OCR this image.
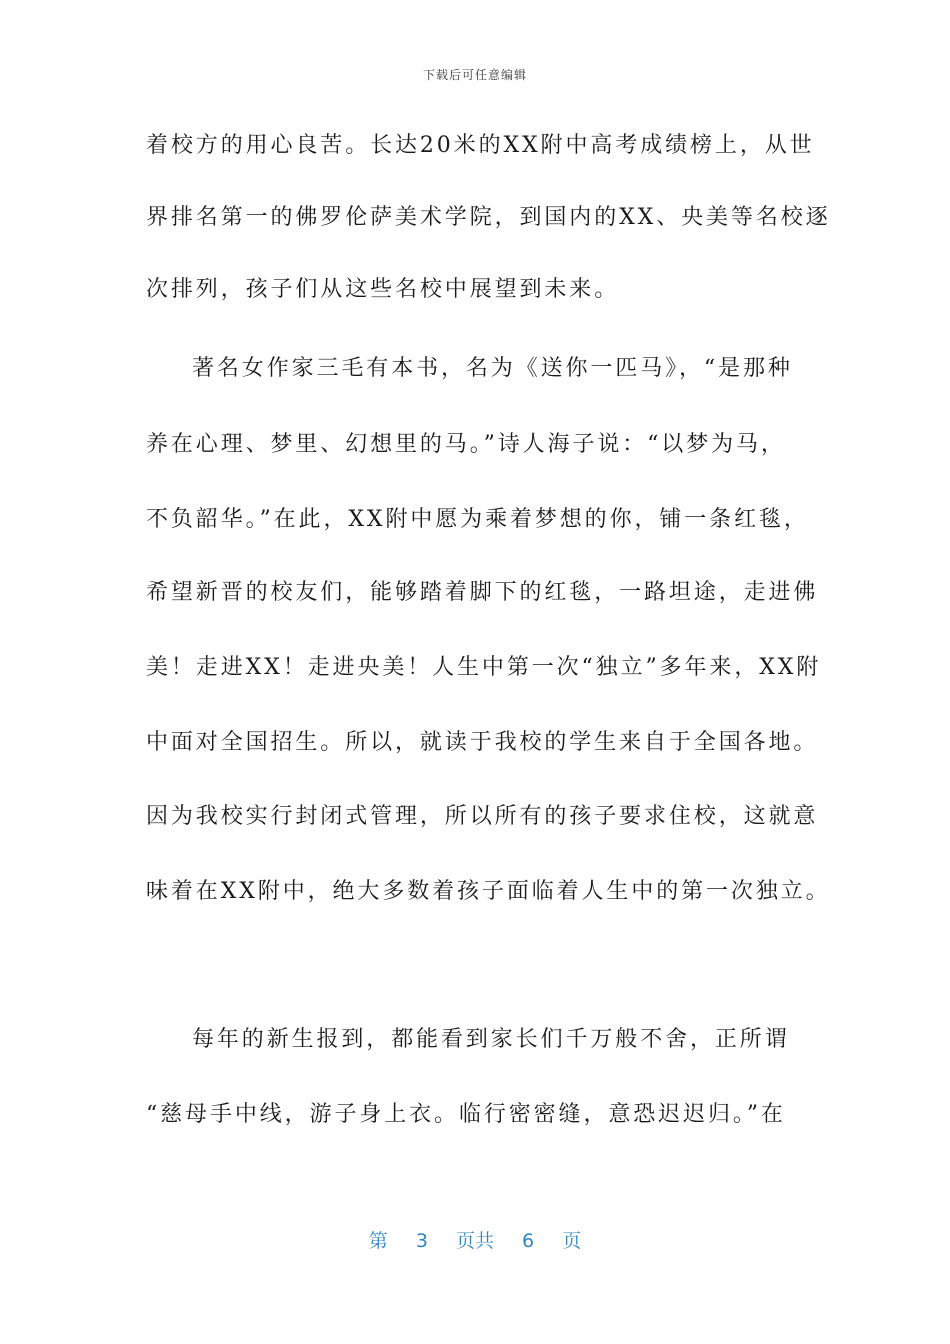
下载后可任意编辑
着校方的用心良苦。长达20米的XX附中高考成绩榜上，从世
界排名第一的佛罗伦萨美术学院，到国内的XX、央美等名校逐
次排列，孩子们从这些名校中展望到未来。
著名女作家三毛有本书，名为《送你一匹马》，“是那种
养在心理、梦里、幻想里的马。”诗人海子说：“以梦为马，
不负韶华。”在此，XX附中愿为乘着梦想的你，铺一条红毯，
希望新晋的校友们，能够踏着脚下的红毯，一路坦途，走进佛
美！走进XX！走进央美！人生中第一次“独立”多年来，XX附
中面对全国招生。所以，就读于我校的学生来自于全国各地。
因为我校实行封闭式管理，所以所有的孩子要求住校，这就意
味着在XX附中，绝大多数着孩子面临着人生中的第一次独立。
每年的新生报到，都能看到家长们千万般不舍，正所谓
“慈母手中线，游子身上衣。临行密密缝，意恐迟迟归。”在
第 3 页共 6 页
